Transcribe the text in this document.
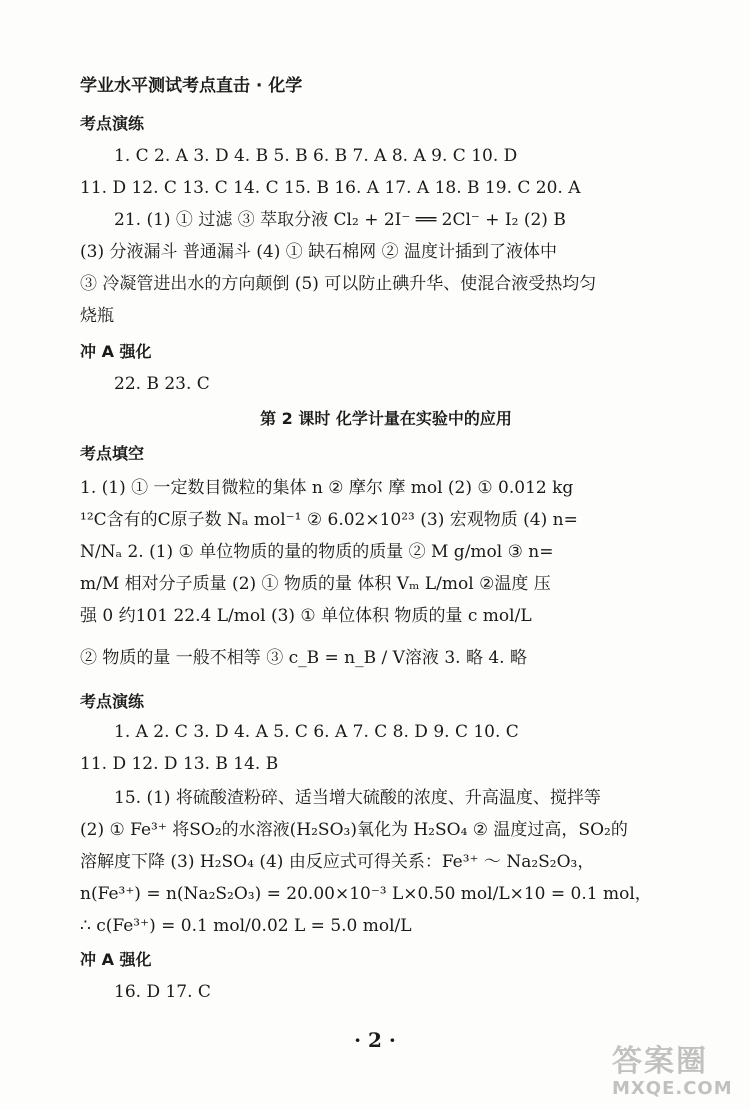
学业水平测试考点直击 · 化学
考点演练
1. C 2. A 3. D 4. B 5. B 6. B 7. A 8. A 9. C 10. D
11. D 12. C 13. C 14. C 15. B 16. A 17. A 18. B 19. C 20. A
21. (1) ① 过滤 ③ 萃取分液 Cl₂ + 2I⁻ ══ 2Cl⁻ + I₂ (2) B
(3) 分液漏斗 普通漏斗 (4) ① 缺石棉网 ② 温度计插到了液体中
③ 冷凝管进出水的方向颠倒 (5) 可以防止碘升华、使混合液受热均匀
烧瓶
冲 A 强化
22. B 23. C
第 2 课时 化学计量在实验中的应用
考点填空
1. (1) ① 一定数目微粒的集体 n ② 摩尔 摩 mol (2) ① 0.012 kg
¹²C含有的C原子数 Nₐ mol⁻¹ ② 6.02×10²³ (3) 宏观物质 (4) n=
N/Nₐ 2. (1) ① 单位物质的量的物质的质量 ② M g/mol ③ n=
m/M 相对分子质量 (2) ① 物质的量 体积 Vₘ L/mol ②温度 压
强 0 约101 22.4 L/mol (3) ① 单位体积 物质的量 c mol/L
② 物质的量 一般不相等 ③ c_B = n_B / V溶液 3. 略 4. 略
考点演练
1. A 2. C 3. D 4. A 5. C 6. A 7. C 8. D 9. C 10. C
11. D 12. D 13. B 14. B
15. (1) 将硫酸渣粉碎、适当增大硫酸的浓度、升高温度、搅拌等
(2) ① Fe³⁺ 将SO₂的水溶液(H₂SO₃)氧化为 H₂SO₄ ② 温度过高，SO₂的
溶解度下降 (3) H₂SO₄ (4) 由反应式可得关系：Fe³⁺ ～ Na₂S₂O₃，
n(Fe³⁺) = n(Na₂S₂O₃) = 20.00×10⁻³ L×0.50 mol/L×10 = 0.1 mol，
∴ c(Fe³⁺) = 0.1 mol/0.02 L = 5.0 mol/L
冲 A 强化
16. D 17. C
· 2 ·
答案圈
MXQE.COM
